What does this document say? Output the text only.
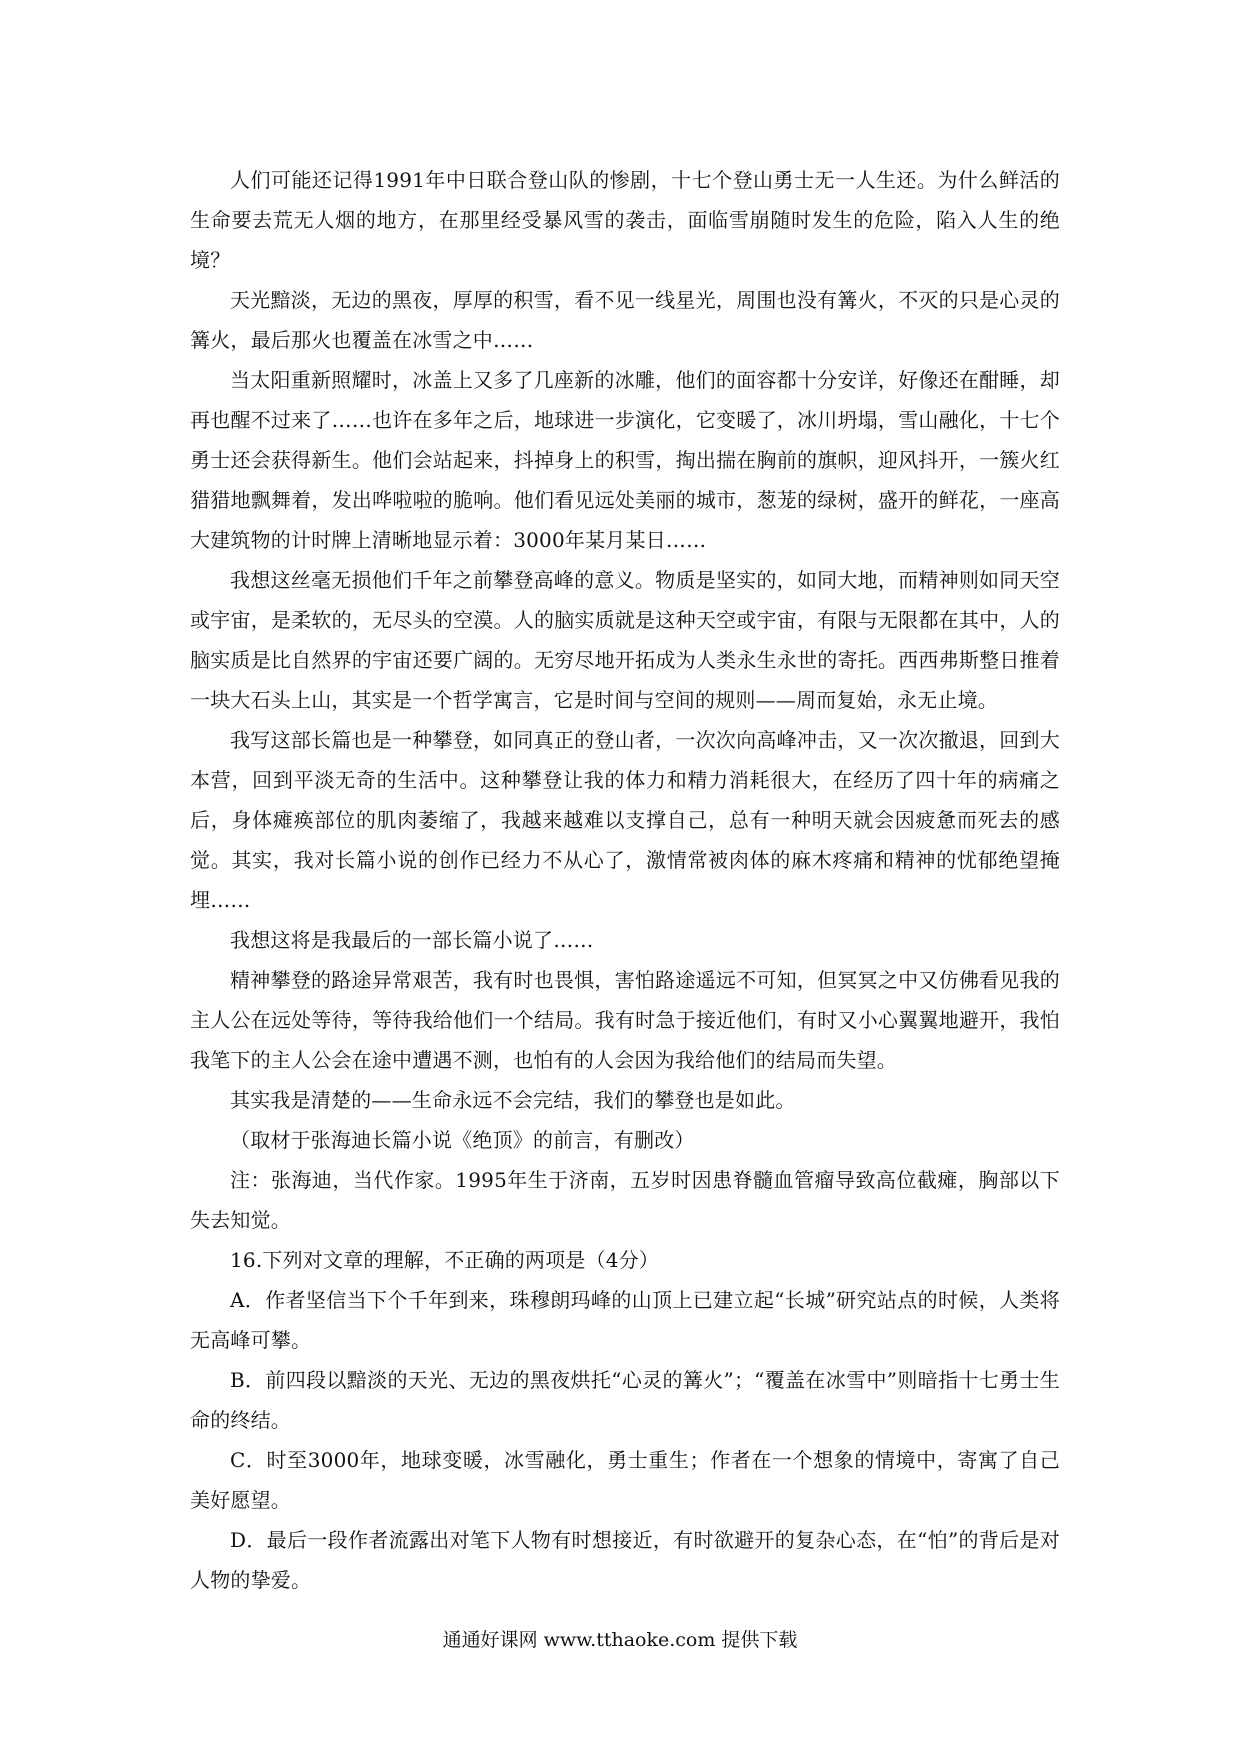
人们可能还记得1991年中日联合登山队的惨剧，十七个登山勇士无一人生还。为什么鲜活的生命要去荒无人烟的地方，在那里经受暴风雪的袭击，面临雪崩随时发生的危险，陷入人生的绝境？

天光黯淡，无边的黑夜，厚厚的积雪，看不见一线星光，周围也没有篝火，不灭的只是心灵的篝火，最后那火也覆盖在冰雪之中……

当太阳重新照耀时，冰盖上又多了几座新的冰雕，他们的面容都十分安详，好像还在酣睡，却再也醒不过来了……也许在多年之后，地球进一步演化，它变暖了，冰川坍塌，雪山融化，十七个勇士还会获得新生。他们会站起来，抖掉身上的积雪，掏出揣在胸前的旗帜，迎风抖开，一簇火红猎猎地飘舞着，发出哗啦啦的脆响。他们看见远处美丽的城市，葱茏的绿树，盛开的鲜花，一座高大建筑物的计时牌上清晰地显示着：3000年某月某日……

我想这丝毫无损他们千年之前攀登高峰的意义。物质是坚实的，如同大地，而精神则如同天空或宇宙，是柔软的，无尽头的空漠。人的脑实质就是这种天空或宇宙，有限与无限都在其中，人的脑实质是比自然界的宇宙还要广阔的。无穷尽地开拓成为人类永生永世的寄托。西西弗斯整日推着一块大石头上山，其实是一个哲学寓言，它是时间与空间的规则——周而复始，永无止境。

我写这部长篇也是一种攀登，如同真正的登山者，一次次向高峰冲击，又一次次撤退，回到大本营，回到平淡无奇的生活中。这种攀登让我的体力和精力消耗很大，在经历了四十年的病痛之后，身体瘫痪部位的肌肉萎缩了，我越来越难以支撑自己，总有一种明天就会因疲惫而死去的感觉。其实，我对长篇小说的创作已经力不从心了，激情常被肉体的麻木疼痛和精神的忧郁绝望掩埋……

我想这将是我最后的一部长篇小说了……

精神攀登的路途异常艰苦，我有时也畏惧，害怕路途遥远不可知，但冥冥之中又仿佛看见我的主人公在远处等待，等待我给他们一个结局。我有时急于接近他们，有时又小心翼翼地避开，我怕我笔下的主人公会在途中遭遇不测，也怕有的人会因为我给他们的结局而失望。

其实我是清楚的——生命永远不会完结，我们的攀登也是如此。

（取材于张海迪长篇小说《绝顶》的前言，有删改）

注：张海迪，当代作家。1995年生于济南，五岁时因患脊髓血管瘤导致高位截瘫，胸部以下失去知觉。

16.下列对文章的理解，不正确的两项是（4分）

A．作者坚信当下个千年到来，珠穆朗玛峰的山顶上已建立起“长城”研究站点的时候，人类将无高峰可攀。

B．前四段以黯淡的天光、无边的黑夜烘托“心灵的篝火”；“覆盖在冰雪中”则暗指十七勇士生命的终结。

C．时至3000年，地球变暖，冰雪融化，勇士重生；作者在一个想象的情境中，寄寓了自己美好愿望。

D．最后一段作者流露出对笔下人物有时想接近，有时欲避开的复杂心态，在“怕”的背后是对人物的挚爱。

通通好课网 www.tthaoke.com 提供下载
